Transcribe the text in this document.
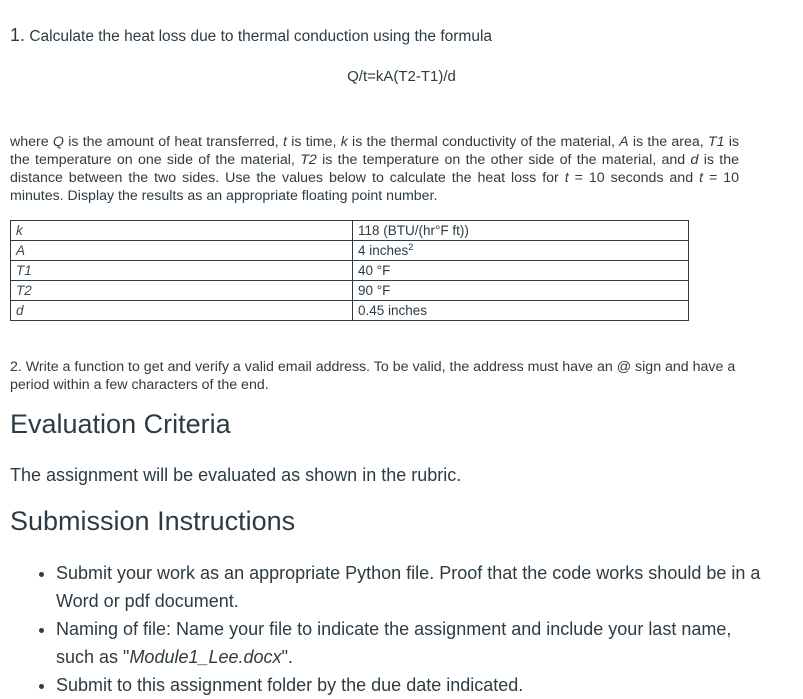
1. Calculate the heat loss due to thermal conduction using the formula
Q/t=kA(T2-T1)/d
where Q is the amount of heat transferred, t is time, k is the thermal conductivity of the material, A is the area, T1 is the temperature on one side of the material, T2 is the temperature on the other side of the material, and d is the distance between the two sides. Use the values below to calculate the heat loss for t = 10 seconds and t = 10 minutes. Display the results as an appropriate floating point number.
k	118 (BTU/(hr°F ft))
A	4 inches$^2$
T1	40 °F
T2	90 °F
d	0.45 inches
2. Write a function to get and verify a valid email address. To be valid, the address must have an @ sign and have a period within a few characters of the end.
Evaluation Criteria
The assignment will be evaluated as shown in the rubric.
Submission Instructions
• Submit your work as an appropriate Python file. Proof that the code works should be in a Word or pdf document.
• Naming of file: Name your file to indicate the assignment and include your last name, such as "Module1_Lee.docx".
• Submit to this assignment folder by the due date indicated.
